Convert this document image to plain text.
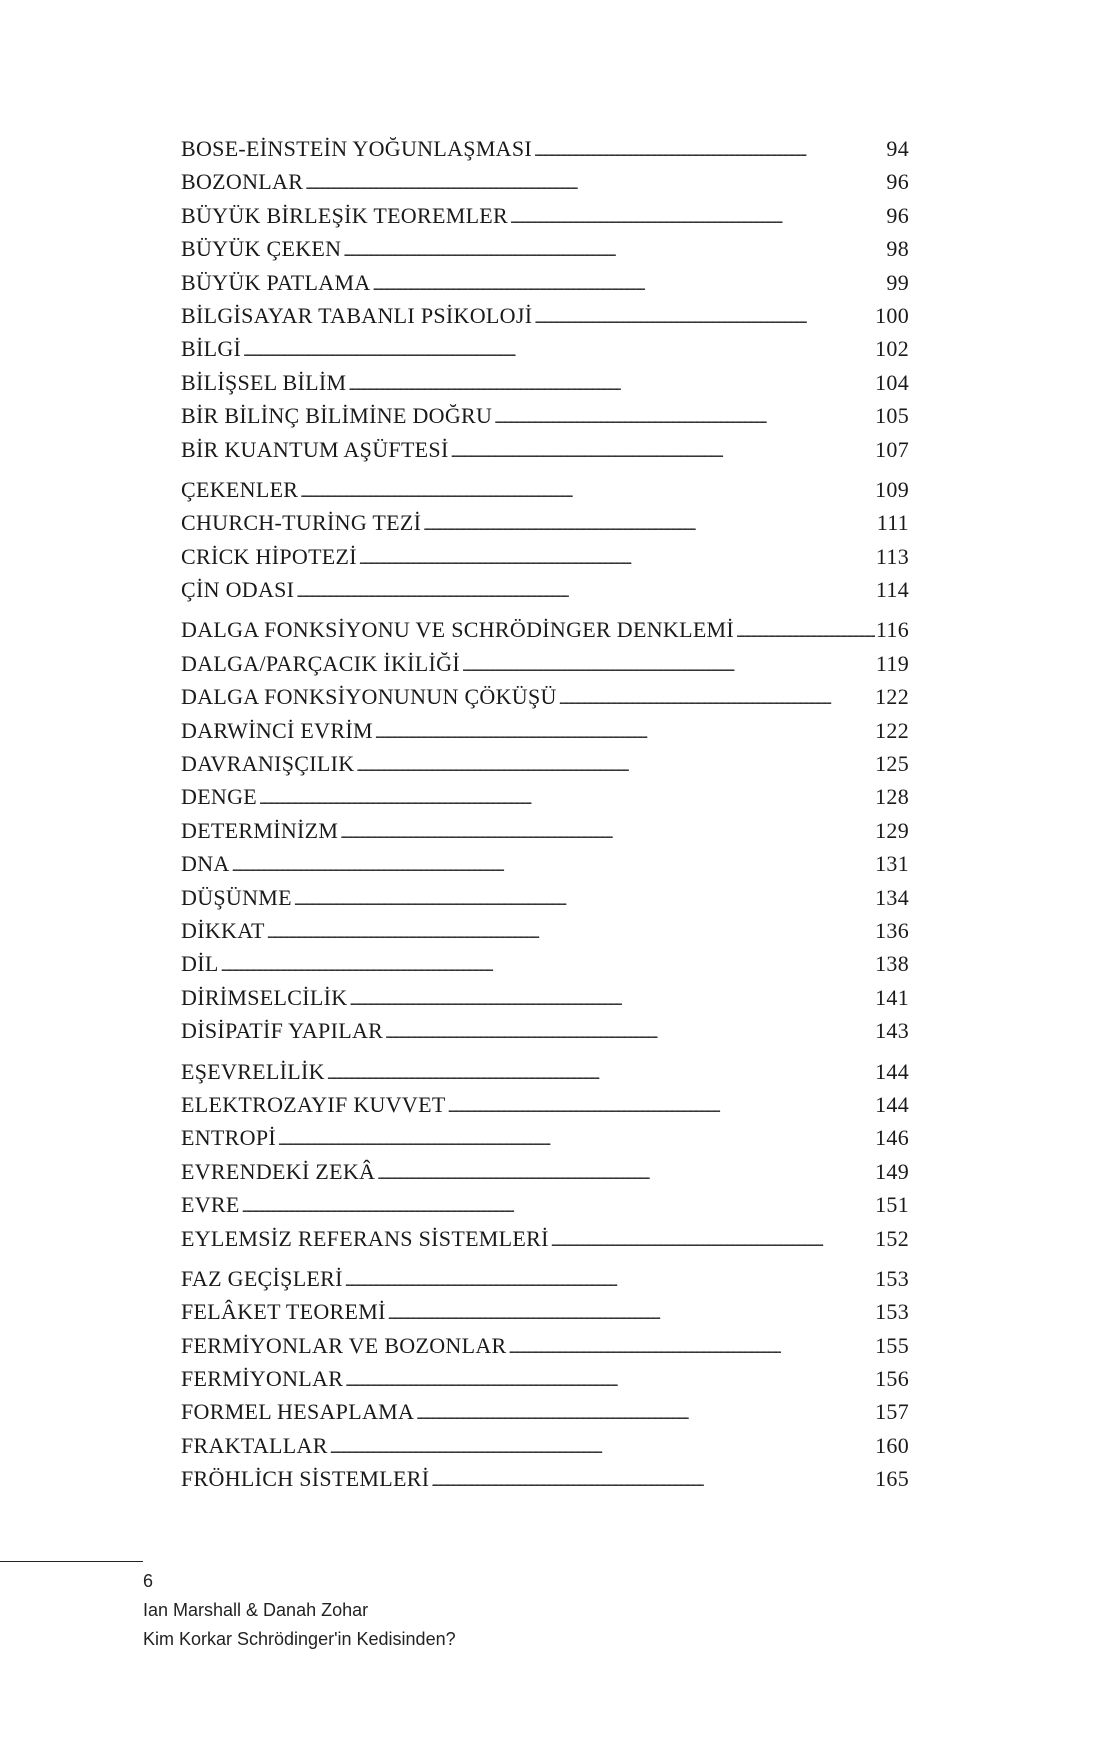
BOSE-EİNSTEİN YOĞUNLAŞMASI . . .	94
BOZONLAR . . .	96
BÜYÜK BİRLEŞİK TEOREMLER . . .	96
BÜYÜK ÇEKEN . . .	98
BÜYÜK PATLAMA . . .	99
BİLGİSAYAR TABANLI PSİKOLOJİ . . .	100
BİLGİ . . .	102
BİLİŞSEL BİLİM . . .	104
BİR BİLİNÇ BİLİMİNE DOĞRU . . .	105
BİR KUANTUM AŞÜFTESİ . . .	107
ÇEKENLER . . .	109
CHURCH-TURİNG TEZİ . . .	111
CRİCK HİPOTEZİ . . .	113
ÇİN ODASI . . .	114
DALGA FONKSİYONU VE SCHRÖDİNGER DENKLEMİ . . .	116
DALGA/PARÇACIK İKİLİĞİ . . .	119
DALGA FONKSİYONUNUN ÇÖKÜŞÜ . . .	122
DARWİNCİ EVRİM . . .	122
DAVRANIŞÇILIK . . .	125
DENGE . . .	128
DETERMİNİZM . . .	129
DNA . . .	131
DÜŞÜNME . . .	134
DİKKAT . . .	136
DİL . . .	138
DİRİMSELCİLİK . . .	141
DİSİPATİF YAPILAR . . .	143
EŞEVRELİLİK . . .	144
ELEKTROZAYIF KUVVET . . .	144
ENTROPİ . . .	146
EVRENDEKİ ZEKÂ . . .	149
EVRE . . .	151
EYLEMSİZ REFERANS SİSTEMLERİ . . .	152
FAZ GEÇİŞLERİ . . .	153
FELÂKET TEOREMİ . . .	153
FERMİYONLAR VE BOZONLAR . . .	155
FERMİYONLAR . . .	156
FORMEL HESAPLAMA . . .	157
FRAKTALLAR . . .	160
FRÖHLİCH SİSTEMLERİ . . .	165
6
Ian Marshall & Danah Zohar
Kim Korkar Schrödinger'in Kedisinden?
